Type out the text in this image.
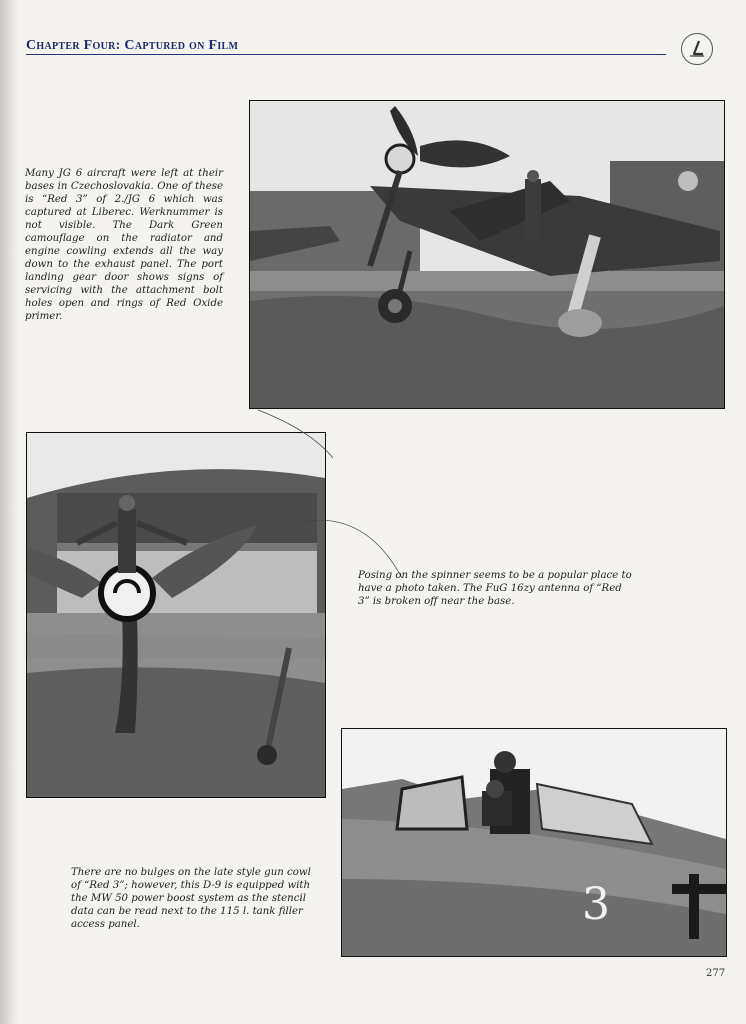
Chapter Four: Captured on Film
3
Many JG 6 aircraft were left at their bases in Czechoslovakia. One of these is “Red 3” of 2./JG 6 which was captured at Liberec. Werknummer is not visible. The Dark Green camouflage on the radiator and engine cowling extends all the way down to the exhaust panel. The port landing gear door shows signs of servicing with the attachment bolt holes open and rings of Red Oxide primer.
Posing on the spinner seems to be a popular place to have a photo taken. The FuG 16zy antenna of “Red 3” is broken off near the base.
There are no bulges on the late style gun cowl of “Red 3”; however, this D-9 is equipped with the MW 50 power boost system as the stencil data can be read next to the 115 l. tank filler access panel.
277
